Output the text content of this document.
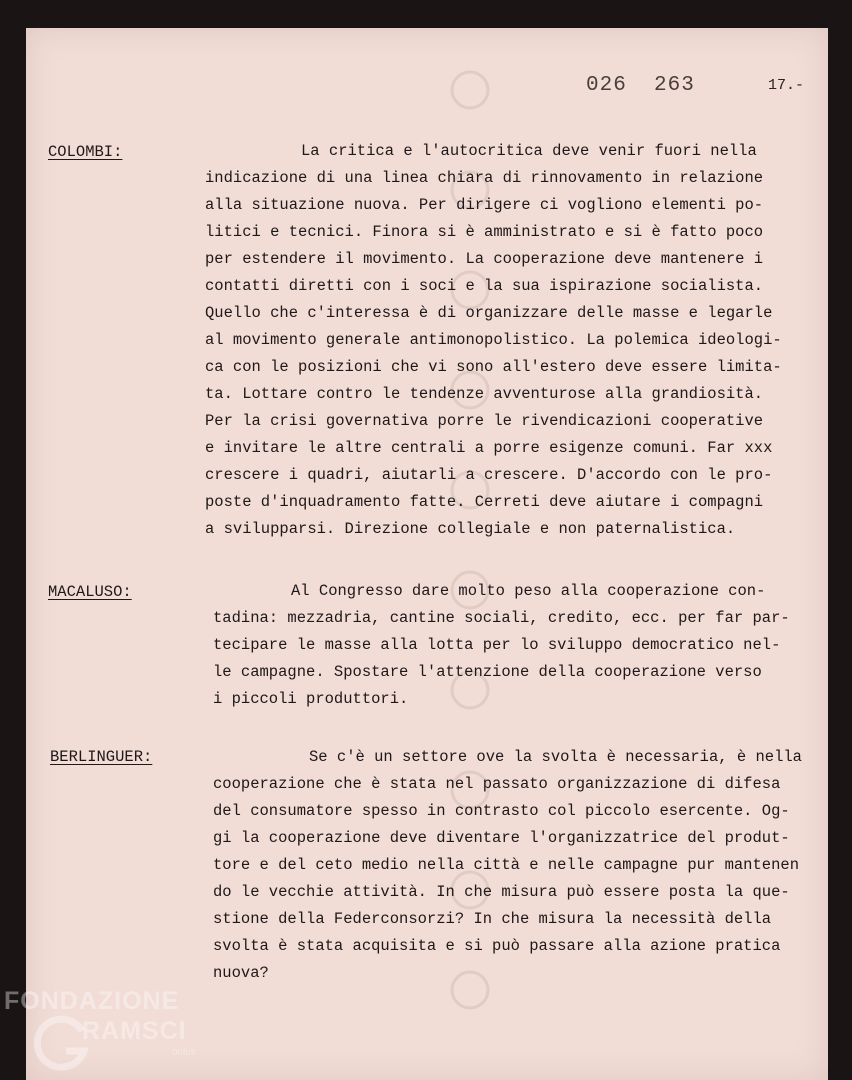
026  263	17.-
COLOMBI:	La critica e l'autocritica deve venir fuori nella
indicazione di una linea chiara di rinnovamento in relazione
alla situazione nuova. Per dirigere ci vogliono elementi po-
litici e tecnici. Finora si è amministrato e si è fatto poco
per estendere il movimento. La cooperazione deve mantenere i
contatti diretti con i soci e la sua ispirazione socialista.
Quello che c'interessa è di organizzare delle masse e legarle
al movimento generale antimonopolistico. La polemica ideologi-
ca con le posizioni che vi sono all'estero deve essere limita-
ta. Lottare contro le tendenze avventurose alla grandiosità.
Per la crisi governativa porre le rivendicazioni cooperative
e invitare le altre centrali a porre esigenze comuni. Far xxx
crescere i quadri, aiutarli a crescere. D'accordo con le pro-
poste d'inquadramento fatte. Cerreti deve aiutare i compagni
a svilupparsi. Direzione collegiale e non paternalistica.
MACALUSO:	Al Congresso dare molto peso alla cooperazione con-
tadina: mezzadria, cantine sociali, credito, ecc. per far par-
tecipare le masse alla lotta per lo sviluppo democratico nel-
le campagne. Spostare l'attenzione della cooperazione verso
i piccoli produttori.
BERLINGUER:	Se c'è un settore ove la svolta è necessaria, è nella
cooperazione che è stata nel passato organizzazione di difesa
del consumatore spesso in contrasto col piccolo esercente. Og-
gi la cooperazione deve diventare l'organizzatrice del produt-
tore e del ceto medio nella città e nelle campagne pur mantenen
do le vecchie attività. In che misura può essere posta la que-
stione della Federconsorzi? In che misura la necessità della
svolta è stata acquisita e si può passare alla azione pratica
nuova?
FONDAZIONE
RAMSCI
onlus
